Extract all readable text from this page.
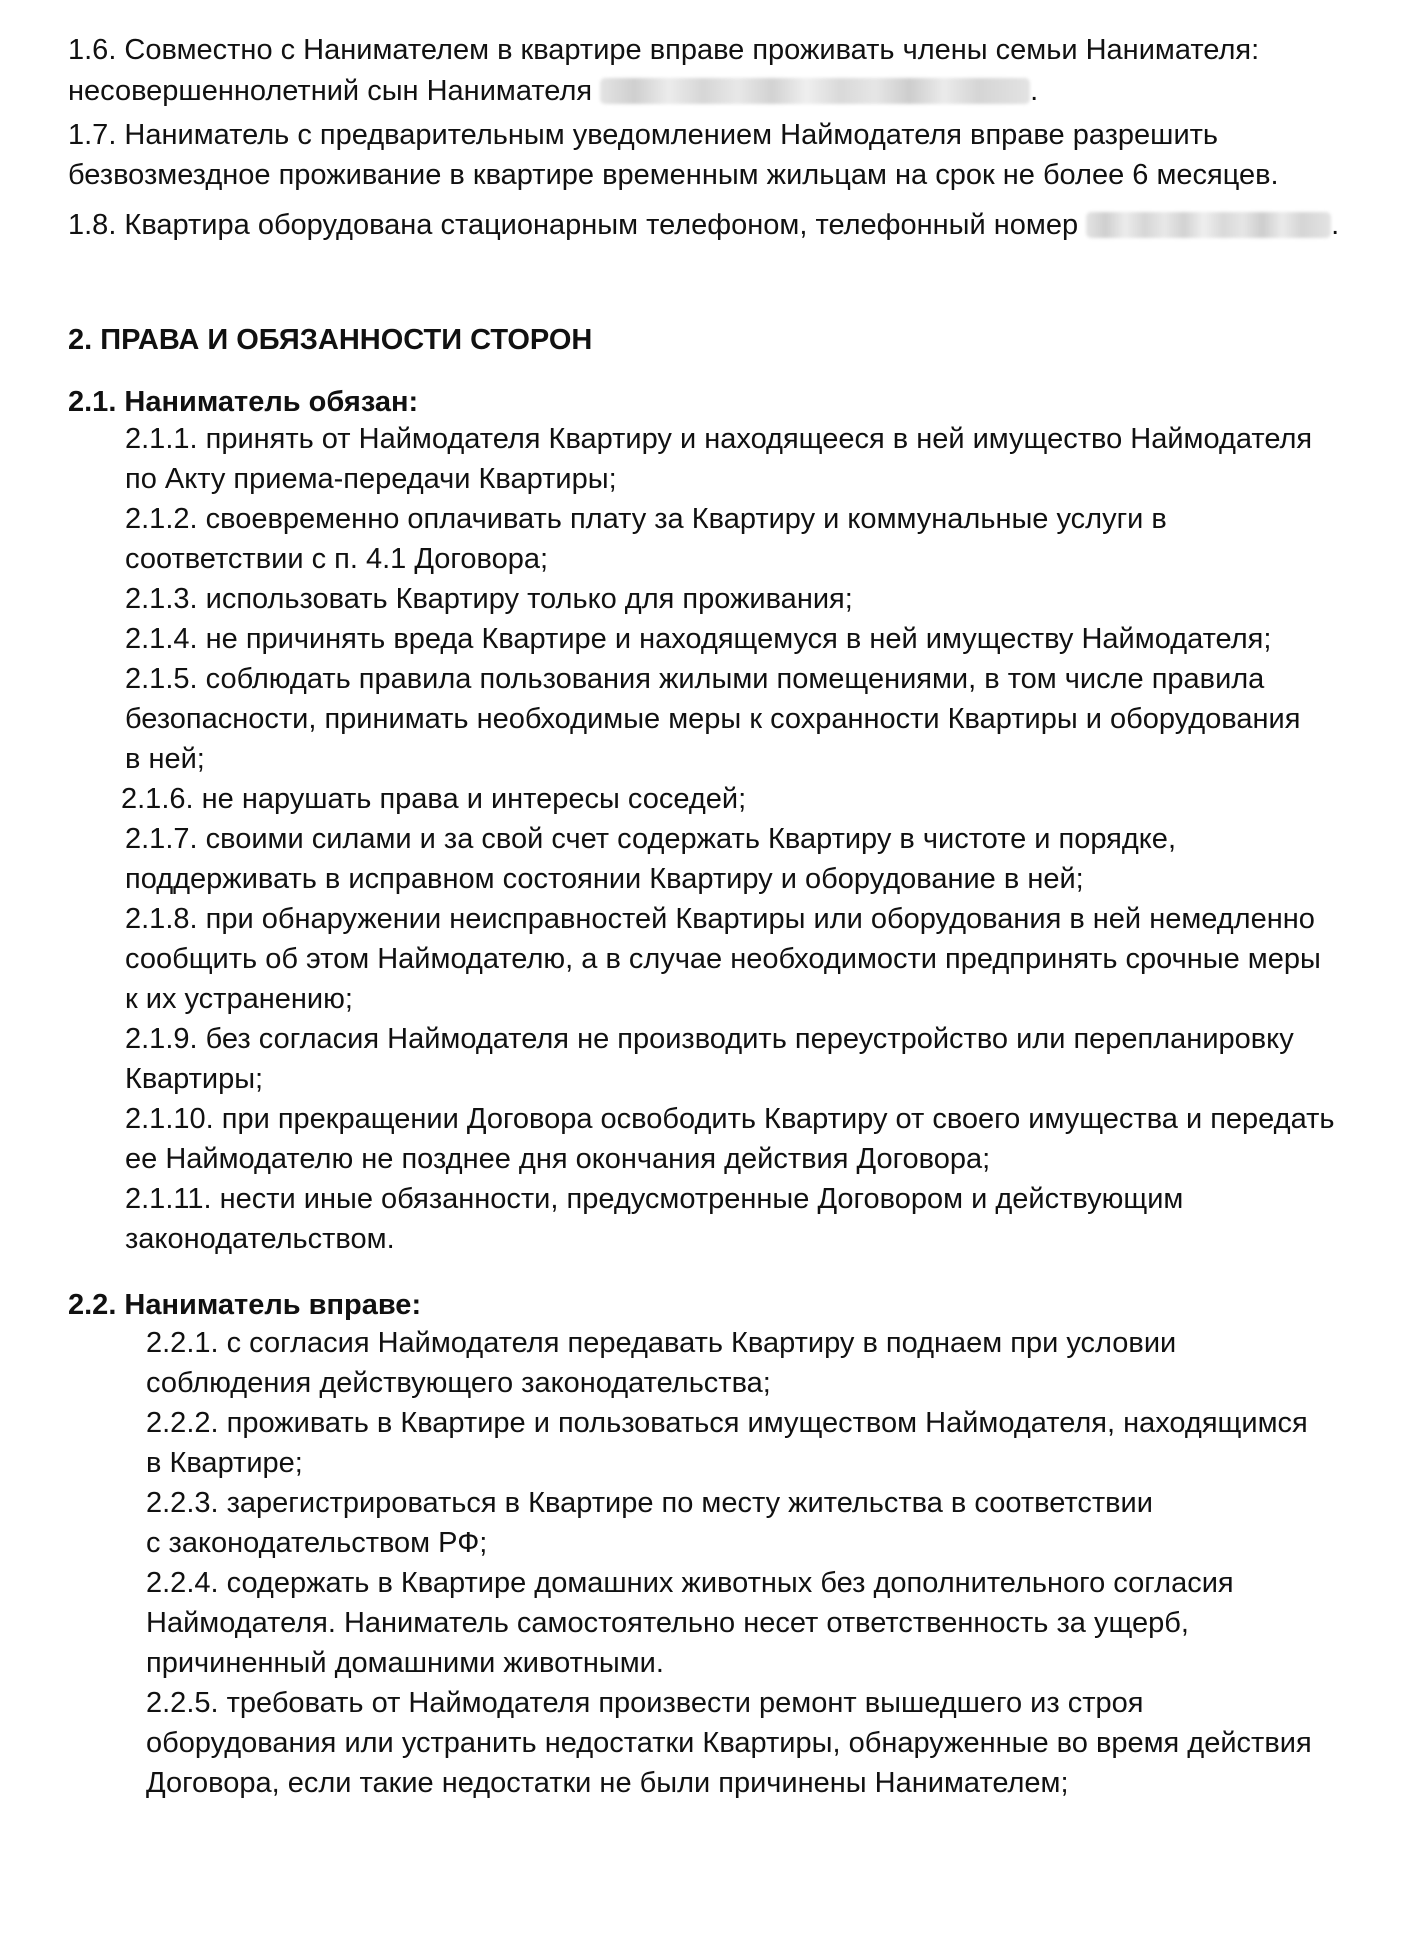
1.6. Совместно с Нанимателем в квартире вправе проживать члены семьи Нанимателя:

несовершеннолетний сын Нанимателя	.

1.7. Наниматель с предварительным уведомлением Наймодателя вправе разрешить

безвозмездное проживание в квартире временным жильцам на срок не более 6 месяцев.

1.8. Квартира оборудована стационарным телефоном, телефонный номер	.

2. ПРАВА И ОБЯЗАННОСТИ СТОРОН

2.1. Наниматель обязан:

2.1.1. принять от Наймодателя Квартиру и находящееся в ней имущество Наймодателя

по Акту приема-передачи Квартиры;

2.1.2. своевременно оплачивать плату за Квартиру и коммунальные услуги в

соответствии с п. 4.1 Договора;

2.1.3. использовать Квартиру только для проживания;

2.1.4. не причинять вреда Квартире и находящемуся в ней имуществу Наймодателя;

2.1.5. соблюдать правила пользования жилыми помещениями, в том числе правила

безопасности, принимать необходимые меры к сохранности Квартиры и оборудования

в ней;

2.1.6. не нарушать права и интересы соседей;

2.1.7. своими силами и за свой счет содержать Квартиру в чистоте и порядке,

поддерживать в исправном состоянии Квартиру и оборудование в ней;

2.1.8. при обнаружении неисправностей Квартиры или оборудования в ней немедленно

сообщить об этом Наймодателю, а в случае необходимости предпринять срочные меры

к их устранению;

2.1.9. без согласия Наймодателя не производить переустройство или перепланировку

Квартиры;

2.1.10. при прекращении Договора освободить Квартиру от своего имущества и передать

ее Наймодателю не позднее дня окончания действия Договора;

2.1.11. нести иные обязанности, предусмотренные Договором и действующим

законодательством.

2.2. Наниматель вправе:

2.2.1. с согласия Наймодателя передавать Квартиру в поднаем при условии

соблюдения действующего законодательства;

2.2.2. проживать в Квартире и пользоваться имуществом Наймодателя, находящимся

в Квартире;

2.2.3. зарегистрироваться в Квартире по месту жительства в соответствии

с законодательством РФ;

2.2.4. содержать в Квартире домашних животных без дополнительного согласия

Наймодателя. Наниматель самостоятельно несет ответственность за ущерб,

причиненный домашними животными.

2.2.5. требовать от Наймодателя произвести ремонт вышедшего из строя

оборудования или устранить недостатки Квартиры, обнаруженные во время действия

Договора, если такие недостатки не были причинены Нанимателем;
